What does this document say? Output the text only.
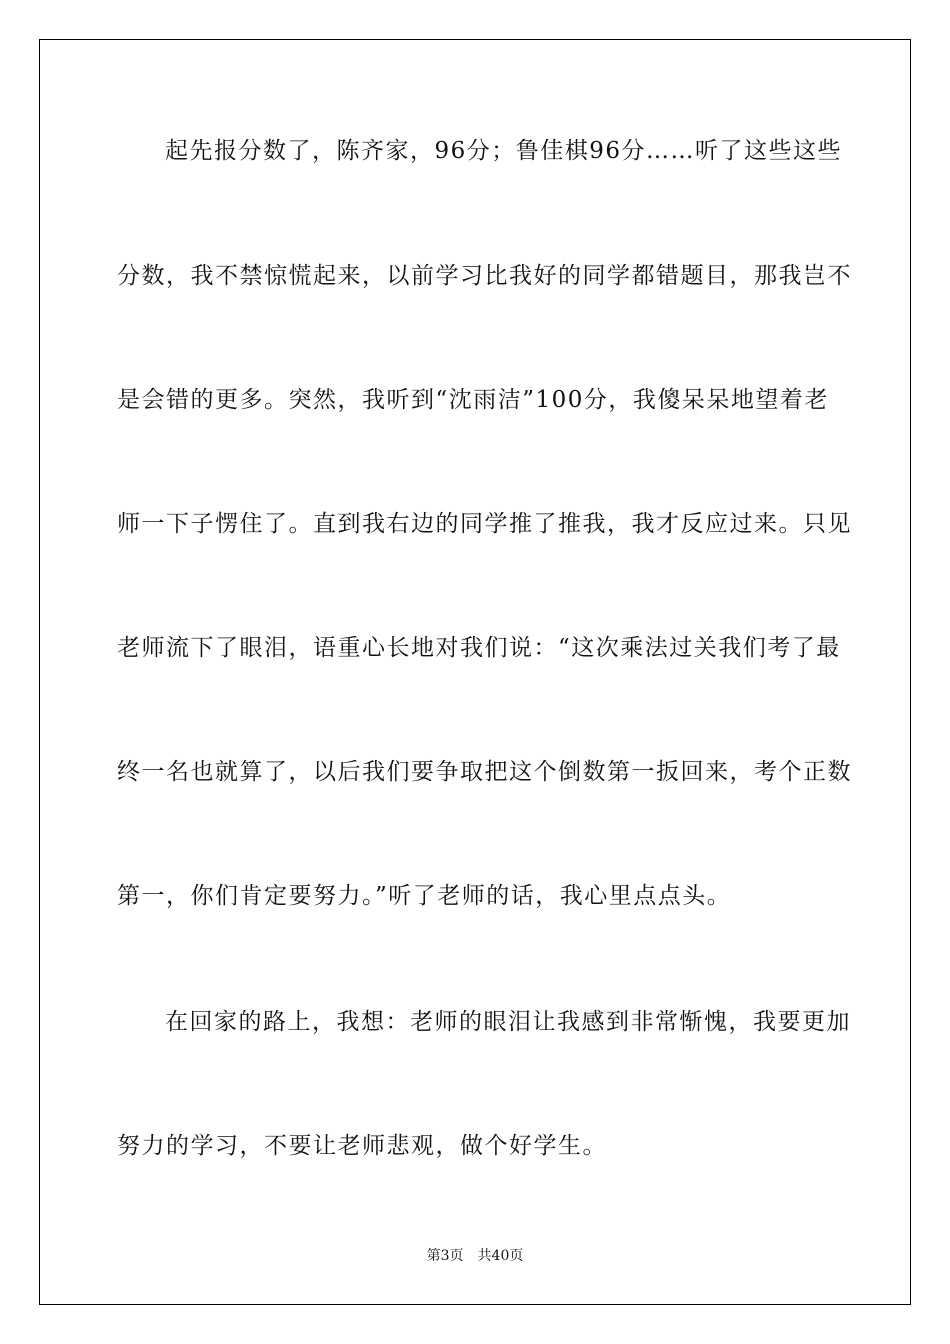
起先报分数了，陈齐家，96分；鲁佳棋96分……听了这些这些
分数，我不禁惊慌起来，以前学习比我好的同学都错题目，那我岂不
是会错的更多。突然，我听到“沈雨洁”100分，我傻呆呆地望着老
师一下子愣住了。直到我右边的同学推了推我，我才反应过来。只见
老师流下了眼泪，语重心长地对我们说：“这次乘法过关我们考了最
终一名也就算了，以后我们要争取把这个倒数第一扳回来，考个正数
第一，你们肯定要努力。”听了老师的话，我心里点点头。
在回家的路上，我想：老师的眼泪让我感到非常惭愧，我要更加
努力的学习，不要让老师悲观，做个好学生。
第3页 共40页
